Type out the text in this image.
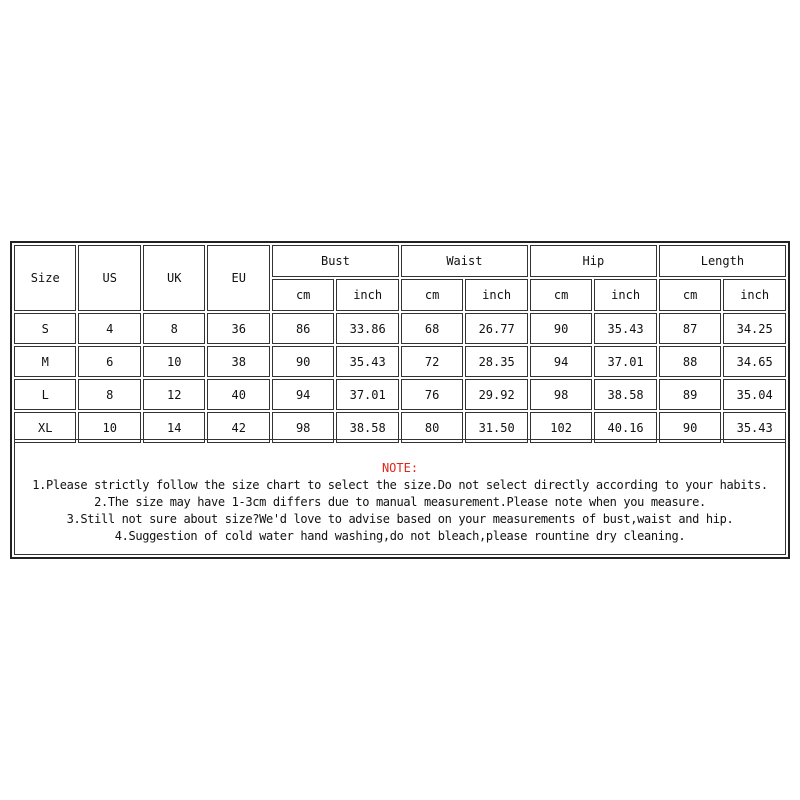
Size	US	UK	EU	Bust		Waist		Hip		Length	
				cm	inch	cm	inch	cm	inch	cm	inch
S	4	8	36	86	33.86	68	26.77	90	35.43	87	34.25
M	6	10	38	90	35.43	72	28.35	94	37.01	88	34.65
L	8	12	40	94	37.01	76	29.92	98	38.58	89	35.04
XL	10	14	42	98	38.58	80	31.50	102	40.16	90	35.43
NOTE:
1.Please strictly follow the size chart to select the size.Do not select directly according to your habits.
2.The size may have 1-3cm differs due to manual measurement.Please note when you measure.
3.Still not sure about size?We'd love to advise based on your measurements of bust,waist and hip.
4.Suggestion of cold water hand washing,do not bleach,please rountine dry cleaning.
